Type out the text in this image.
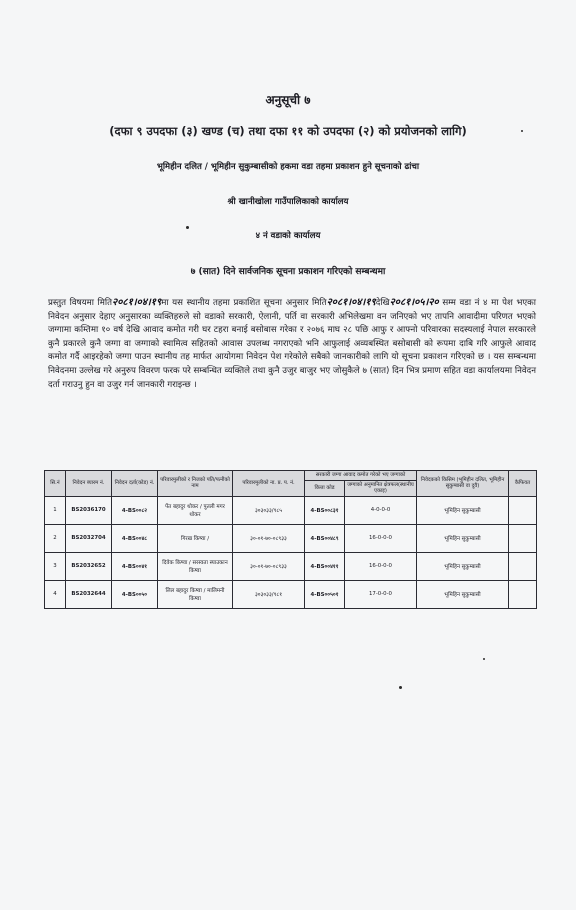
अनुसूची ७
(दफा ९ उपदफा (३) खण्ड (च) तथा दफा ११ को उपदफा (२) को प्रयोजनको लागि)
भूमिहीन दलित / भूमिहीन सुकुम्बासीको हकमा वडा तहमा प्रकाशन हुने सूचनाको ढांचा
श्री खानीखोला गाउँपालिकाको कार्यालय
४ नं वडाको कार्यालय
७ (सात) दिने सार्वजनिक सूचना प्रकाशन गरिएको सम्बन्धमा
प्रस्तुत विषयमा मिति२०८१।०४।१९मा यस स्थानीय तहमा प्रकाशित सूचना अनुसार मिति२०८१।०४।१९देखि२०८१।०५।२० सम्म वडा नं ४ मा पेश भएका निवेदन अनुसार देहाए अनुसारका व्यक्तिहरुले सो वडाको सरकारी, ऐलानी, पर्ति वा सरकारी अभिलेखमा वन जनिएको भए तापनि आवादीमा परिणत भएको जग्गामा कम्तिमा १० वर्ष देखि आवाद कमोत गरी घर टहरा बनाई बसोबास गरेका र २०७६ माघ २८ पछि आफु र आफ्नो परिवारका सदस्यलाई नेपाल सरकारले कुनै प्रकारले कुनै जग्गा वा जग्गाको स्वामित्व सहितको आवास उपलब्ध नगराएको भनि आफुलाई अव्यबस्थित बसोबासी को रूपमा दाबि गरि आफुले आवाद कमोत गर्दै आइरहेको जग्गा पाउन स्थानीय तह मार्फत आयोगमा निवेदन पेश गरेकोले सबैको जानकारीको लागि यो सूचना प्रकाशन गरिएको छ । यस सम्बन्धमा निवेदनमा उल्लेख गरे अनुरुप विवरण फरक परे सम्बन्धित व्यक्तिले तथा कुनै उजुर बाजुर भए जोसुकैले ७ (सात) दिन भित्र प्रमाण सहित वडा कार्यालयमा निवेदन दर्ता गराउनु हुन वा उजुर गर्न जानकारी गराइन्छ ।
सि.नं	निवेदन ब्यारम नं.	निवेदन दर्ता(कोड) नं.	परिवारमुलीको र निजको पति/पत्नीको नाम	परिवारमुलीको ना. प्र. प. नं.	सरकारी जग्गा आवाद कमोत गरेको भए जग्गाको		निवेदकको किसिम (भूमिहीन दलित, भूमिहीन सुकुम्बासी वा दुवै)	कैफियत
					कित्ता कोड	जग्गाको अनुमानित क्षेत्रफल(स्थानीय एकाइ)		
1	BS2036170	4-BS००८२	पेंत बहादुर थोकर / पुतली मगर थोकर	३०३०३३/९८५	4-BS००८३१	4-0-0-0	भूमिहिन सुकुम्बासी	
2	BS2032704	4-BS००४८	गिरख किष्वा /	३०-०१-७०-०८९३३	4-BS००४८९	16-0-0-0	भूमिहिन सुकुम्बासी	
3	BS2032652	4-BS००४१	दिवेक किष्वा / सरस्वता स्याउकान किष्वा	३०-०१-७०-०८९३३	4-BS००४११	16-0-0-0	भूमिहिन सुकुम्बासी	
4	BS2032644	4-BS००५०	लिल बहादुर किष्वा / मालिमनी किष्वा	३०३०३३/९८१	4-BS००५०१	17-0-0-0	भूमिहिन सुकुम्बासी	
